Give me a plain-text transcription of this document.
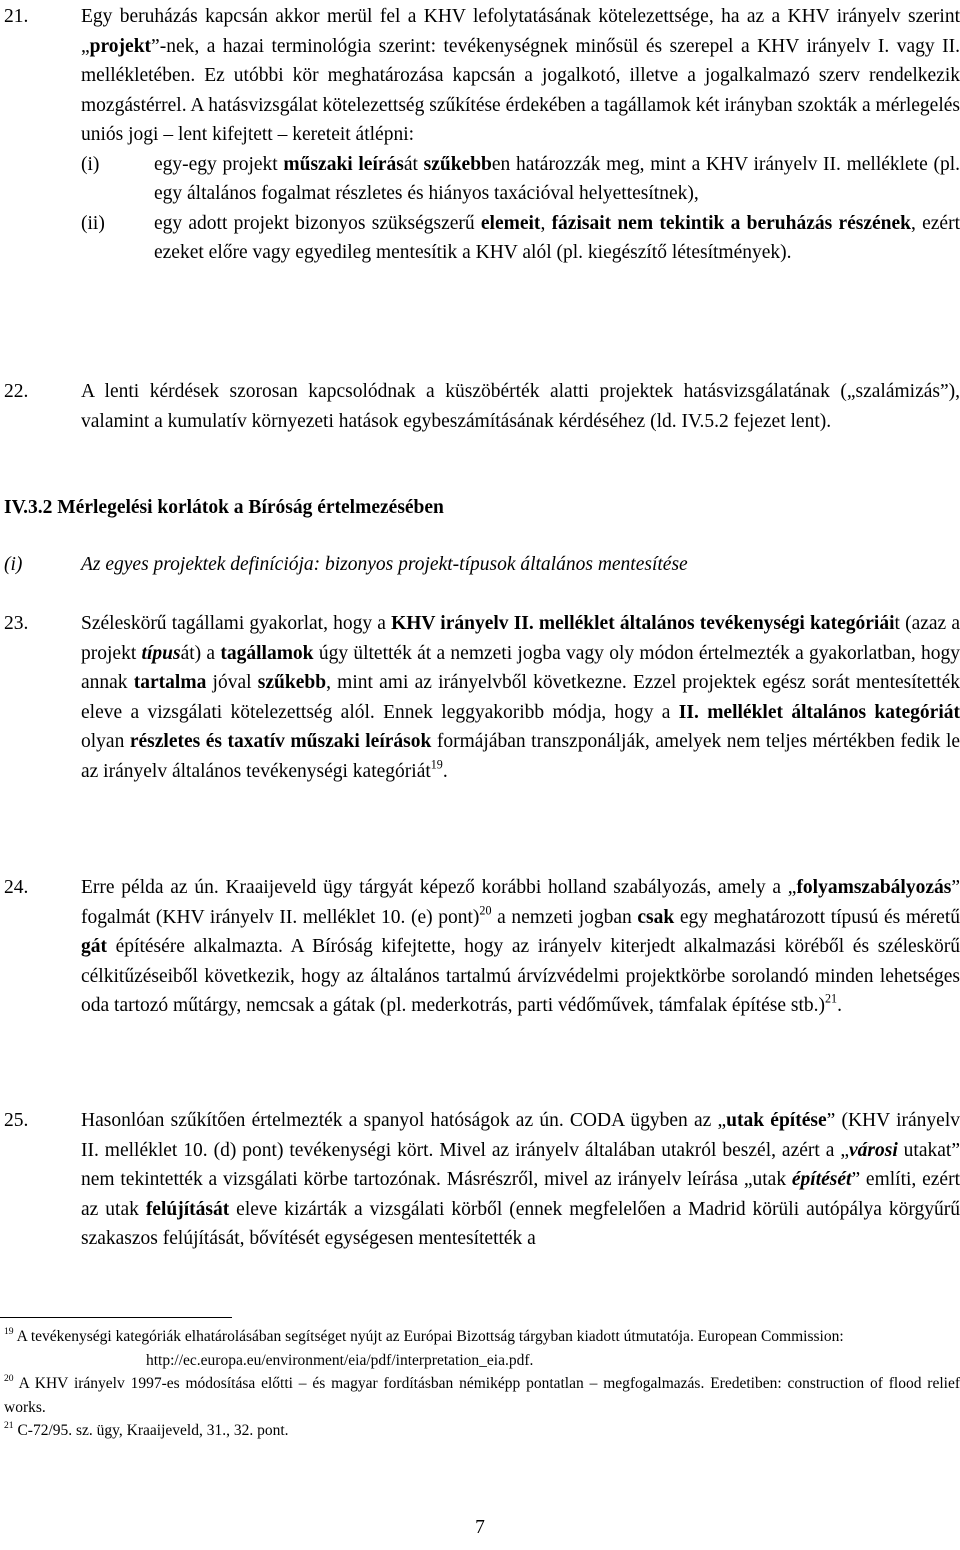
21.	Egy beruházás kapcsán akkor merül fel a KHV lefolytatásának kötelezettsége, ha az a KHV irányelv szerint „projekt”-nek, a hazai terminológia szerint: tevékenységnek minősül és szerepel a KHV irányelv I. vagy II. mellékletében. Ez utóbbi kör meghatározása kapcsán a jogalkotó, illetve a jogalkalmazó szerv rendelkezik mozgástérrel. A hatásvizsgálat kötelezettség szűkítése érdekében a tagállamok két irányban szokták a mérlegelés uniós jogi – lent kifejtett – kereteit átlépni:

(i)	egy-egy projekt műszaki leírását szűkebben határozzák meg, mint a KHV irányelv II. melléklete (pl. egy általános fogalmat részletes és hiányos taxációval helyettesítnek),
(ii)	egy adott projekt bizonyos szükségszerű elemeit, fázisait nem tekintik a beruházás részének, ezért ezeket előre vagy egyedileg mentesítik a KHV alól (pl. kiegészítő létesítmények).
22.	A lenti kérdések szorosan kapcsolódnak a küszöbérték alatti projektek hatásvizsgálatának („szalámizás”), valamint a kumulatív környezeti hatások egybeszámításának kérdéséhez (ld. IV.5.2 fejezet lent).

IV.3.2 Mérlegelési korlátok a Bíróság értelmezésében
(i)	Az egyes projektek definíciója: bizonyos projekt-típusok általános mentesítése
23.	Széleskörű tagállami gyakorlat, hogy a KHV irányelv II. melléklet általános tevékenységi kategóriáit (azaz a projekt típusát) a tagállamok úgy ültették át a nemzeti jogba vagy oly módon értelmezték a gyakorlatban, hogy annak tartalma jóval szűkebb, mint ami az irányelvből következne. Ezzel projektek egész sorát mentesítették eleve a vizsgálati kötelezettség alól. Ennek leggyakoribb módja, hogy a II. melléklet általános kategóriát olyan részletes és taxatív műszaki leírások formájában transzponálják, amelyek nem teljes mértékben fedik le az irányelv általános tevékenységi kategóriát$^{19}$.

24.	Erre példa az ún. Kraaijeveld ügy tárgyát képező korábbi holland szabályozás, amely a „folyamszabályozás” fogalmát (KHV irányelv II. melléklet 10. (e) pont)$^{20}$ a nemzeti jogban csak egy meghatározott típusú és méretű gát építésére alkalmazta. A Bíróság kifejtette, hogy az irányelv kiterjedt alkalmazási köréből és széleskörű célkitűzéseiből következik, hogy az általános tartalmú árvízvédelmi projektkörbe sorolandó minden lehetséges oda tartozó műtárgy, nemcsak a gátak (pl. mederkotrás, parti védőművek, támfalak építése stb.)$^{21}$.

25.	Hasonlóan szűkítően értelmezték a spanyol hatóságok az ún. CODA ügyben az „utak építése” (KHV irányelv II. melléklet 10. (d) pont) tevékenységi kört. Mivel az irányelv általában utakról beszél, azért a „városi utakat” nem tekintették a vizsgálati körbe tartozónak. Másrészről, mivel az irányelv leírása „utak építését” említi, ezért az utak felújítását eleve kizárták a vizsgálati körből (ennek megfelelően a Madrid körüli autópálya körgyűrű szakaszos felújítását, bővítését egységesen mentesítették a

$^{19}$ A tevékenységi kategóriák elhatárolásában segítséget nyújt az Európai Bizottság tárgyban kiadott útmutatója. European Commission:

http://ec.europa.eu/environment/eia/pdf/interpretation_eia.pdf.

$^{20}$ A KHV irányelv 1997-es módosítása előtti – és magyar fordításban némiképp pontatlan – megfogalmazás. Eredetiben: construction of flood relief works.

$^{21}$ C-72/95. sz. ügy, Kraaijeveld, 31., 32. pont.

7
